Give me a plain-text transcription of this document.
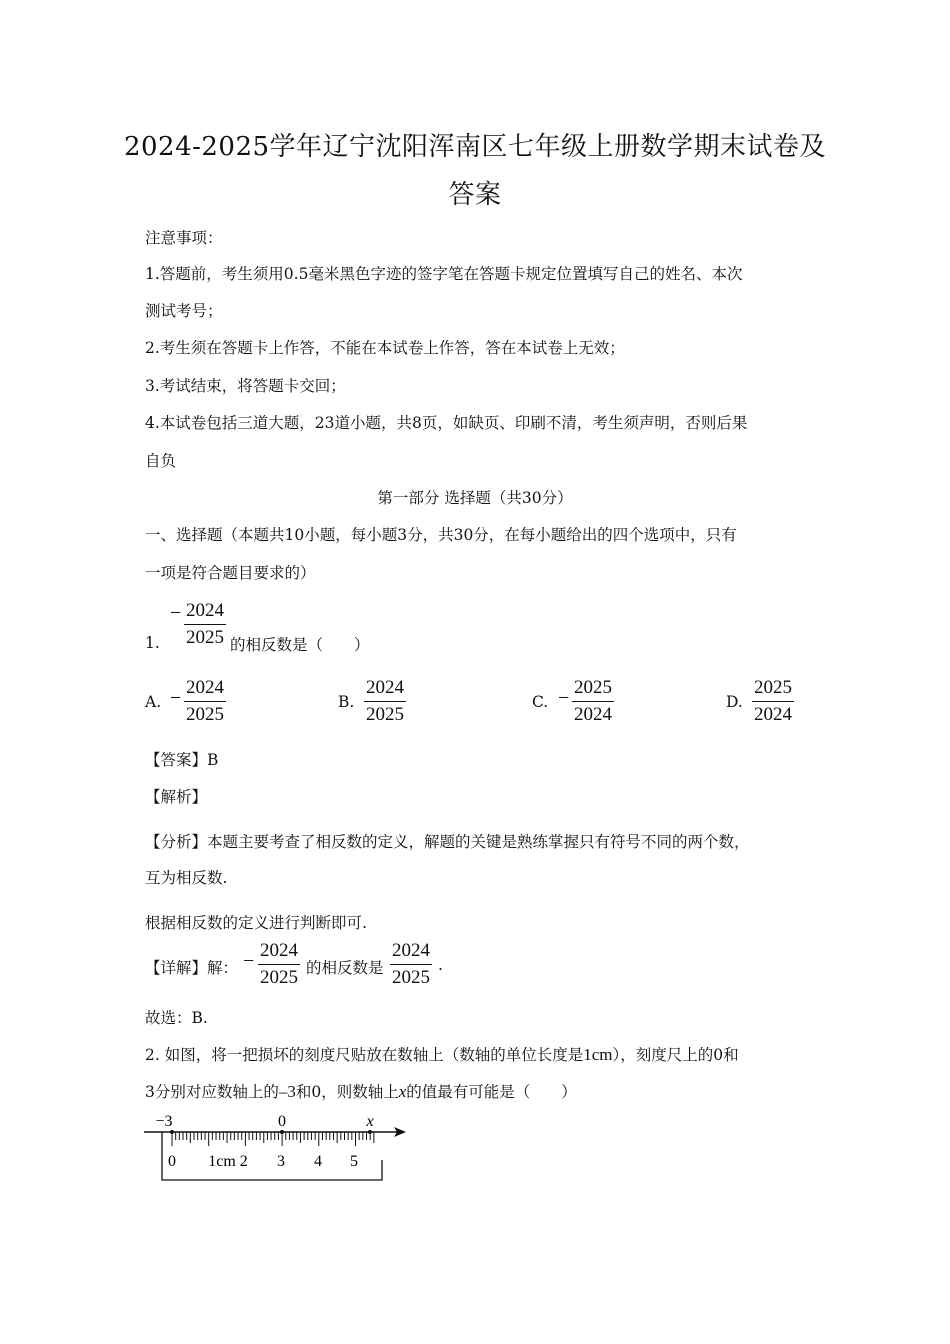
2024-2025学年辽宁沈阳浑南区七年级上册数学期末试卷及
答案
注意事项：
1.答题前，考生须用0.5毫米黑色字迹的签字笔在答题卡规定位置填写自己的姓名、本次
测试考号；
2.考生须在答题卡上作答，不能在本试卷上作答，答在本试卷上无效；
3.考试结束，将答题卡交回；
4.本试卷包括三道大题，23道小题，共8页，如缺页、印刷不清，考生须声明，否则后果
自负
第一部分 选择题（共30分）
一、选择题（本题共10小题，每小题3分，共30分，在每小题给出的四个选项中，只有
一项是符合题目要求的）
1.
− $\frac{2024}{2025}$ 的相反数是（　　）
A. − $\frac{2024}{2025}$	B. $\frac{2024}{2025}$	C. − $\frac{2025}{2024}$	D. $\frac{2025}{2024}$
【答案】B
【解析】
【分析】本题主要考查了相反数的定义，解题的关键是熟练掌握只有符号不同的两个数，
互为相反数.
根据相反数的定义进行判断即可.
【详解】解： − $\frac{2024}{2025}$ 的相反数是 $\frac{2024}{2025}$ .
故选：B.
2. 如图，将一把损坏的刻度尺贴放在数轴上（数轴的单位长度是1cm），刻度尺上的0和
3分别对应数轴上的–3和0，则数轴上x的值最有可能是（　　）
−3	0	x
0 1cm 2 3 4 5
